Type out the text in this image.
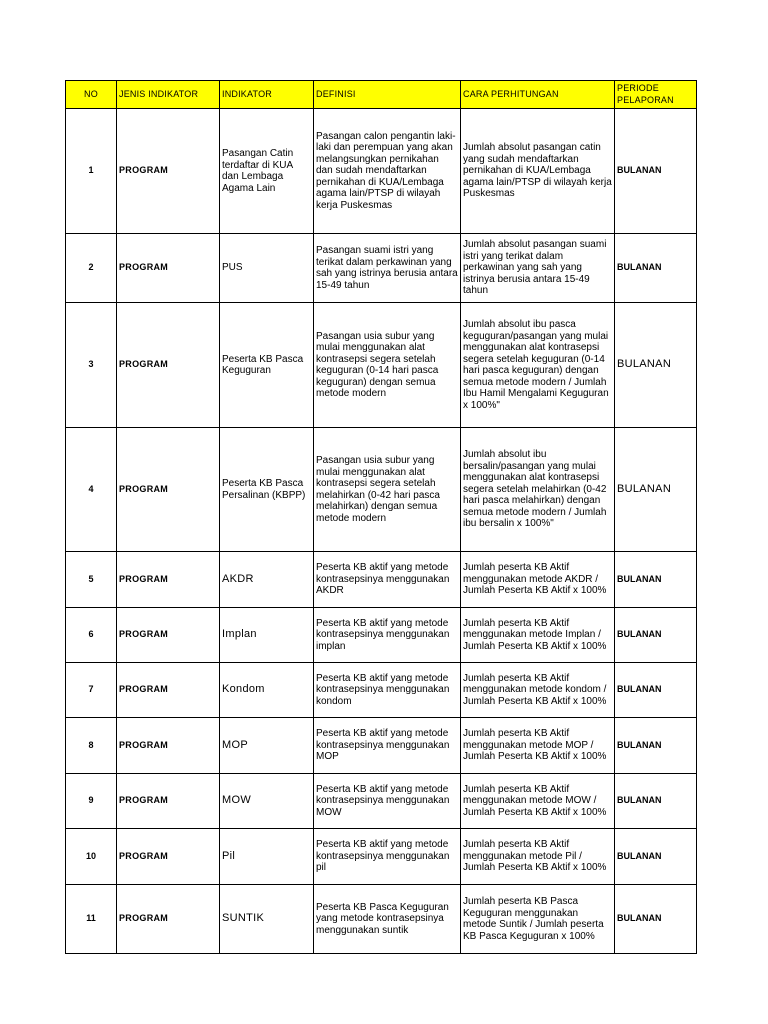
NO	JENIS INDIKATOR	INDIKATOR	DEFINISI	CARA PERHITUNGAN	PERIODE PELAPORAN
1	PROGRAM	Pasangan Catin terdaftar di KUA dan Lembaga Agama Lain	Pasangan calon pengantin laki-laki dan perempuan yang akan melangsungkan pernikahan dan sudah mendaftarkan pernikahan di KUA/Lembaga agama lain/PTSP di wilayah kerja Puskesmas	Jumlah absolut pasangan catin yang sudah mendaftarkan pernikahan di KUA/Lembaga agama lain/PTSP di wilayah kerja Puskesmas	BULANAN
2	PROGRAM	PUS	Pasangan suami istri yang terikat dalam perkawinan yang sah yang istrinya berusia antara 15-49 tahun	Jumlah absolut pasangan suami istri yang terikat dalam perkawinan yang sah yang istrinya berusia antara 15-49 tahun	BULANAN
3	PROGRAM	Peserta KB Pasca Keguguran	Pasangan usia subur yang mulai menggunakan alat kontrasepsi segera setelah keguguran (0-14 hari pasca keguguran) dengan semua metode modern	Jumlah absolut ibu pasca keguguran/pasangan yang mulai menggunakan alat kontrasepsi segera setelah keguguran (0-14 hari pasca keguguran) dengan semua metode modern / Jumlah Ibu Hamil Mengalami Keguguran x 100%"	BULANAN
4	PROGRAM	Peserta KB Pasca Persalinan (KBPP)	Pasangan usia subur yang mulai menggunakan alat kontrasepsi segera setelah melahirkan (0-42 hari pasca melahirkan) dengan semua metode modern	Jumlah absolut ibu bersalin/pasangan yang mulai menggunakan alat kontrasepsi segera setelah melahirkan (0-42 hari pasca melahirkan) dengan semua metode modern / Jumlah ibu bersalin x 100%"	BULANAN
5	PROGRAM	AKDR	Peserta KB aktif yang metode kontrasepsinya menggunakan AKDR	Jumlah peserta KB Aktif menggunakan metode AKDR / Jumlah Peserta KB Aktif x 100%	BULANAN
6	PROGRAM	Implan	Peserta KB aktif yang metode kontrasepsinya menggunakan implan	Jumlah peserta KB Aktif menggunakan metode Implan / Jumlah Peserta KB Aktif x 100%	BULANAN
7	PROGRAM	Kondom	Peserta KB aktif yang metode kontrasepsinya menggunakan kondom	Jumlah peserta KB Aktif menggunakan metode kondom / Jumlah Peserta KB Aktif x 100%	BULANAN
8	PROGRAM	MOP	Peserta KB aktif yang metode kontrasepsinya menggunakan MOP	Jumlah peserta KB Aktif menggunakan metode MOP / Jumlah Peserta KB Aktif x 100%	BULANAN
9	PROGRAM	MOW	Peserta KB aktif yang metode kontrasepsinya menggunakan MOW	Jumlah peserta KB Aktif menggunakan metode MOW / Jumlah Peserta KB Aktif x 100%	BULANAN
10	PROGRAM	Pil	Peserta KB aktif yang metode kontrasepsinya menggunakan pil	Jumlah peserta KB Aktif menggunakan metode Pil / Jumlah Peserta KB Aktif x 100%	BULANAN
11	PROGRAM	SUNTIK	Peserta KB Pasca Keguguran yang metode kontrasepsinya menggunakan suntik	Jumlah peserta KB Pasca Keguguran menggunakan metode Suntik / Jumlah peserta KB Pasca Keguguran x 100%	BULANAN
